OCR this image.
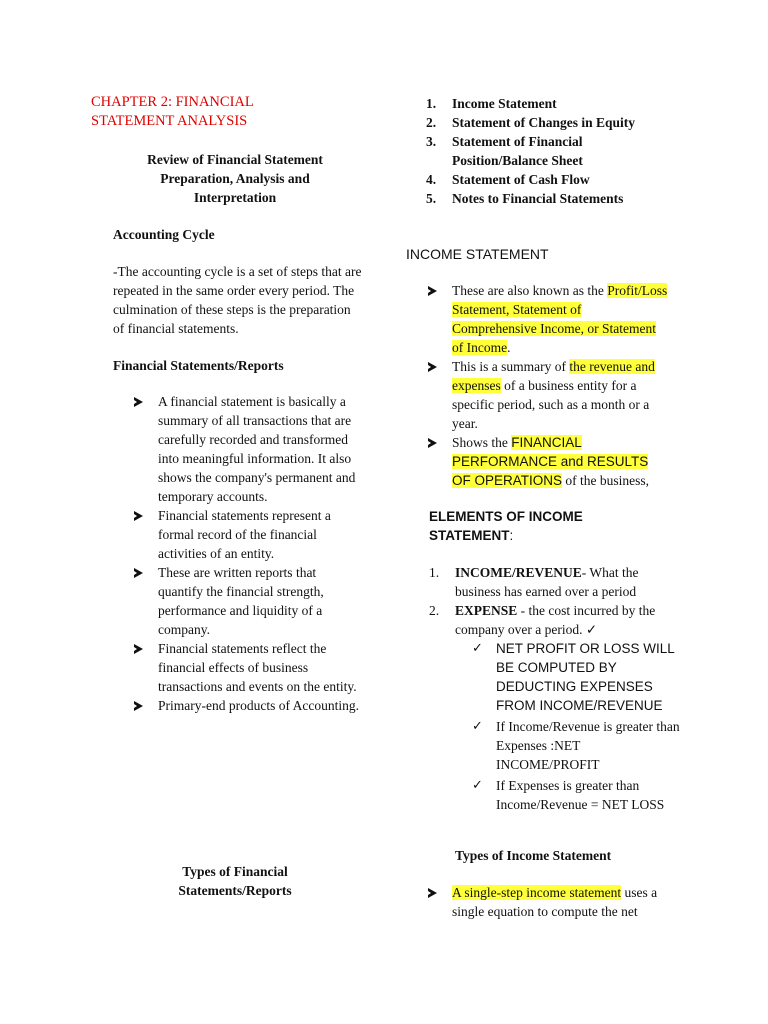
CHAPTER 2: FINANCIAL STATEMENT ANALYSIS
Review of Financial Statement Preparation, Analysis and Interpretation
Accounting Cycle
-The accounting cycle is a set of steps that are repeated in the same order every period. The culmination of these steps is the preparation of financial statements.
Financial Statements/Reports
A financial statement is basically a summary of all transactions that are carefully recorded and transformed into meaningful information. It also shows the company's permanent and temporary accounts.
Financial statements represent a formal record of the financial activities of an entity.
These are written reports that quantify the financial strength, performance and liquidity of a company.
Financial statements reflect the financial effects of business transactions and events on the entity.
Primary-end products of Accounting.
Types of Financial Statements/Reports
1. Income Statement
2. Statement of Changes in Equity
3. Statement of Financial Position/Balance Sheet
4. Statement of Cash Flow
5. Notes to Financial Statements
INCOME STATEMENT
These are also known as the Profit/Loss Statement, Statement of Comprehensive Income, or Statement of Income.
This is a summary of the revenue and expenses of a business entity for a specific period, such as a month or a year.
Shows the FINANCIAL PERFORMANCE and RESULTS OF OPERATIONS of the business,
ELEMENTS OF INCOME STATEMENT:
1. INCOME/REVENUE- What the business has earned over a period
2. EXPENSE - the cost incurred by the company over a period. ✓
✓ NET PROFIT OR LOSS WILL BE COMPUTED BY DEDUCTING EXPENSES FROM INCOME/REVENUE
✓ If Income/Revenue is greater than Expenses :NET INCOME/PROFIT
✓ If Expenses is greater than Income/Revenue = NET LOSS
Types of Income Statement
A single-step income statement uses a single equation to compute the net
